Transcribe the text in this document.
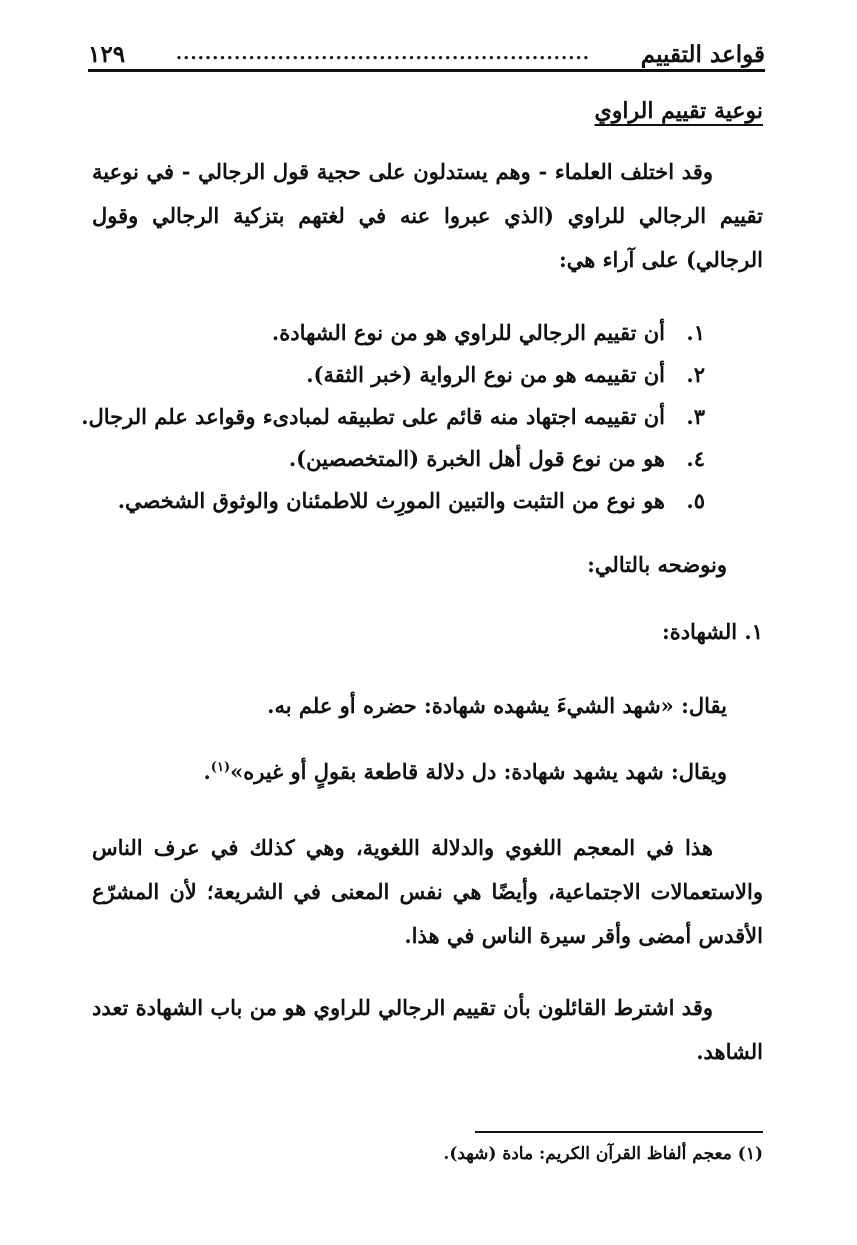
قواعد التقييم
.........................................................
١٢٩
نوعية تقييم الراوي

وقد اختلف العلماء - وهم يستدلون على حجية قول الرجالي - في نوعية تقييم الرجالي للراوي (الذي عبروا عنه في لغتهم بتزكية الرجالي وقول الرجالي) على آراء هي:

١.
أن تقييم الرجالي للراوي هو من نوع الشهادة.
٢.
أن تقييمه هو من نوع الرواية (خبر الثقة).
٣.
أن تقييمه اجتهاد منه قائم على تطبيقه لمبادىء وقواعد علم الرجال.
٤.
هو من نوع قول أهل الخبرة (المتخصصين).
٥.
هو نوع من التثبت والتبين المورِث للاطمئنان والوثوق الشخصي.
ونوضحه بالتالي:
١. الشهادة:
يقال: «شهد الشيءَ يشهده شهادة: حضره أو علم به.
ويقال: شهد يشهد شهادة: دل دلالة قاطعة بقولٍ أو غيره»$^{(١)}$.

هذا في المعجم اللغوي والدلالة اللغوية، وهي كذلك في عرف الناس والاستعمالات الاجتماعية، وأيضًا هي نفس المعنى في الشريعة؛ لأن المشرّع الأقدس أمضى وأقر سيرة الناس في هذا.

وقد اشترط القائلون بأن تقييم الرجالي للراوي هو من باب الشهادة تعدد الشاهد.

(١) معجم ألفاظ القرآن الكريم: مادة (شهد).
